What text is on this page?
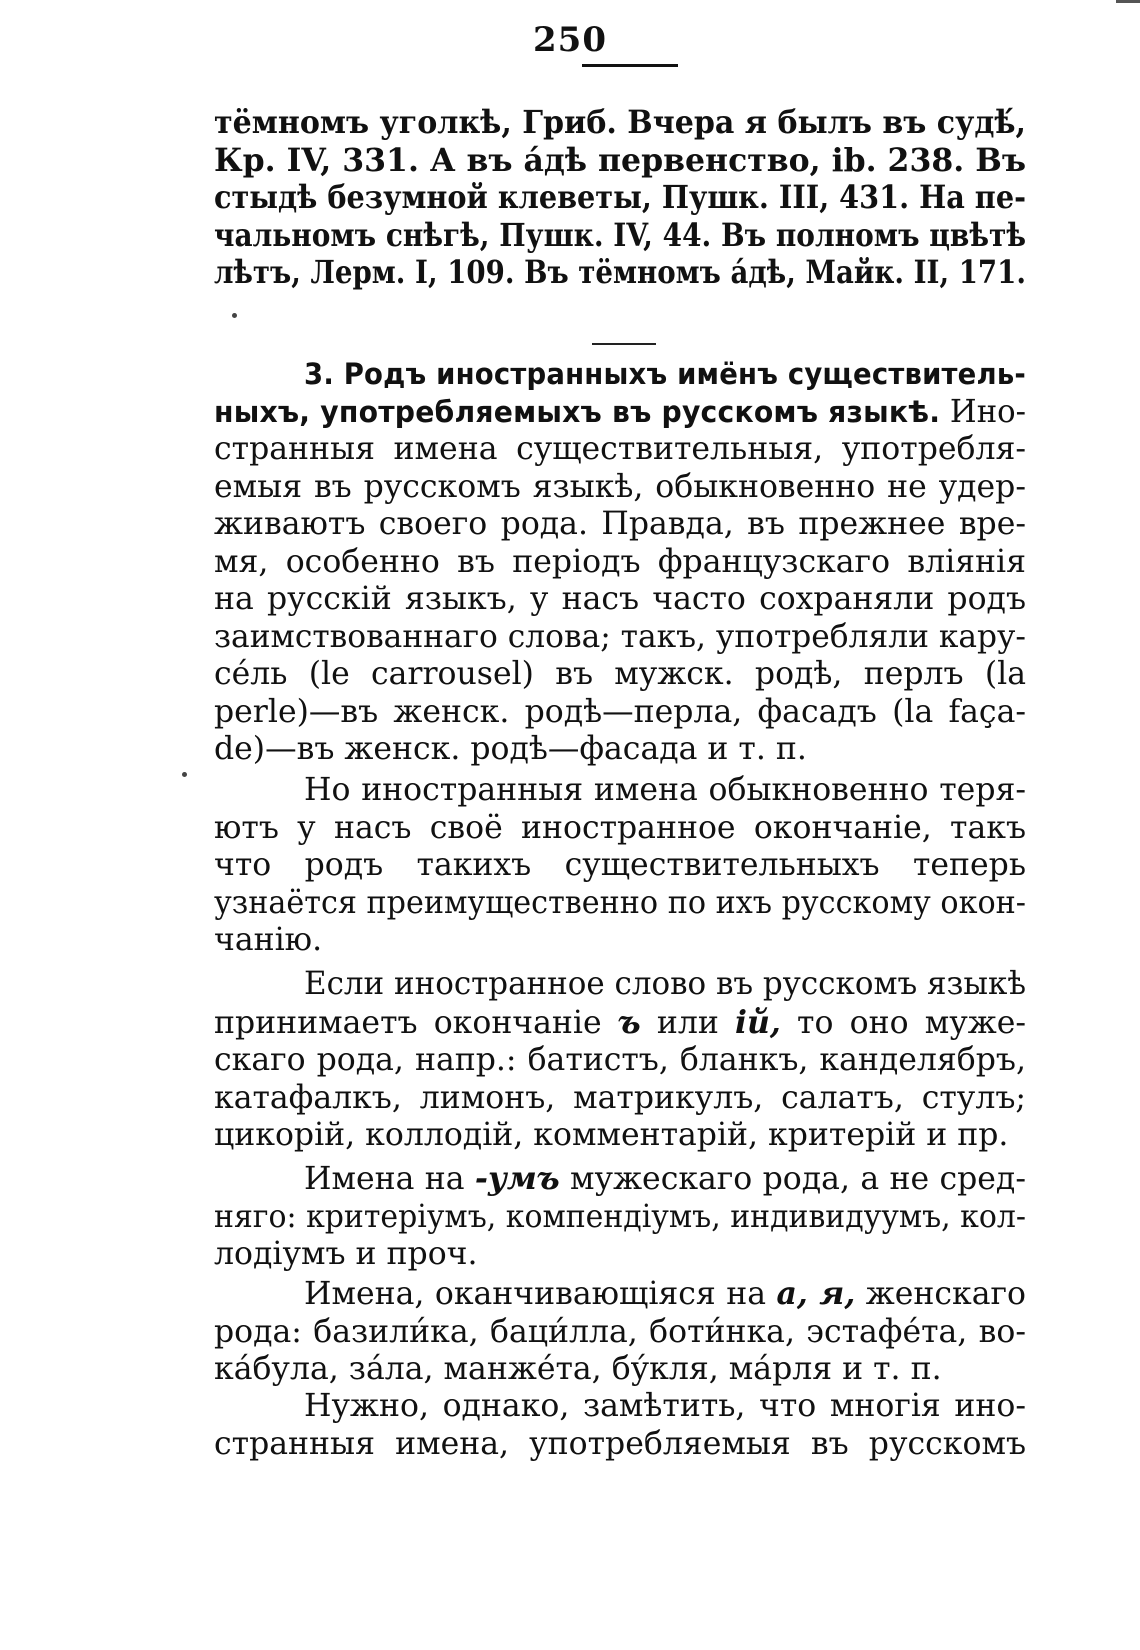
250
тёмномъ уголкѣ, Гриб. Вчера я былъ въ судѣ́,
Кр. IV, 331. А въ а́дѣ первенство, ib. 238. Въ
стыдѣ безумной клеветы, Пушк. III, 431. На пе-
чальномъ снѣгѣ, Пушк. IV, 44. Въ полномъ цвѣтѣ
лѣтъ, Лерм. I, 109. Въ тёмномъ а́дѣ, Майк. II, 171.
3. Родъ иностранныхъ имёнъ существитель-
ныхъ, употребляемыхъ въ русскомъ языкѣ. Ино-
странныя имена существительныя, употребля-
емыя въ русскомъ языкѣ, обыкновенно не удер-
живаютъ своего рода. Правда, въ прежнее вре-
мя, особенно въ періодъ французскаго вліянія
на русскій языкъ, у насъ часто сохраняли родъ
заимствованнаго слова; такъ, употребляли кару-
се́ль (le carrousel) въ мужск. родѣ, перлъ (la
perle)—въ женск. родѣ—перла, фасадъ (la faça-
de)—въ женск. родѣ—фасада и т. п.
Но иностранныя имена обыкновенно теря-
ютъ у насъ своё иностранное окончаніе, такъ
что родъ такихъ существительныхъ теперь
узнаётся преимущественно по ихъ русскому окон-
чанію.
Если иностранное слово въ русскомъ языкѣ
принимаетъ окончаніе ъ или ій, то оно муже-
скаго рода, напр.: батистъ, бланкъ, канделябръ,
катафалкъ, лимонъ, матрикулъ, салатъ, стулъ;
цикорій, коллодій, комментарій, критерій и пр.
Имена на -умъ мужескаго рода, а не сред-
няго: критеріумъ, компендіумъ, индивидуумъ, кол-
лодіумъ и проч.
Имена, оканчивающіяся на а, я, женскаго
рода: базили́ка, баци́лла, боти́нка, эстафе́та, во-
ка́була, за́ла, манже́та, бу́кля, ма́рля и т. п.
Нужно, однако, замѣтить, что многія ино-
странныя имена, употребляемыя въ русскомъ
